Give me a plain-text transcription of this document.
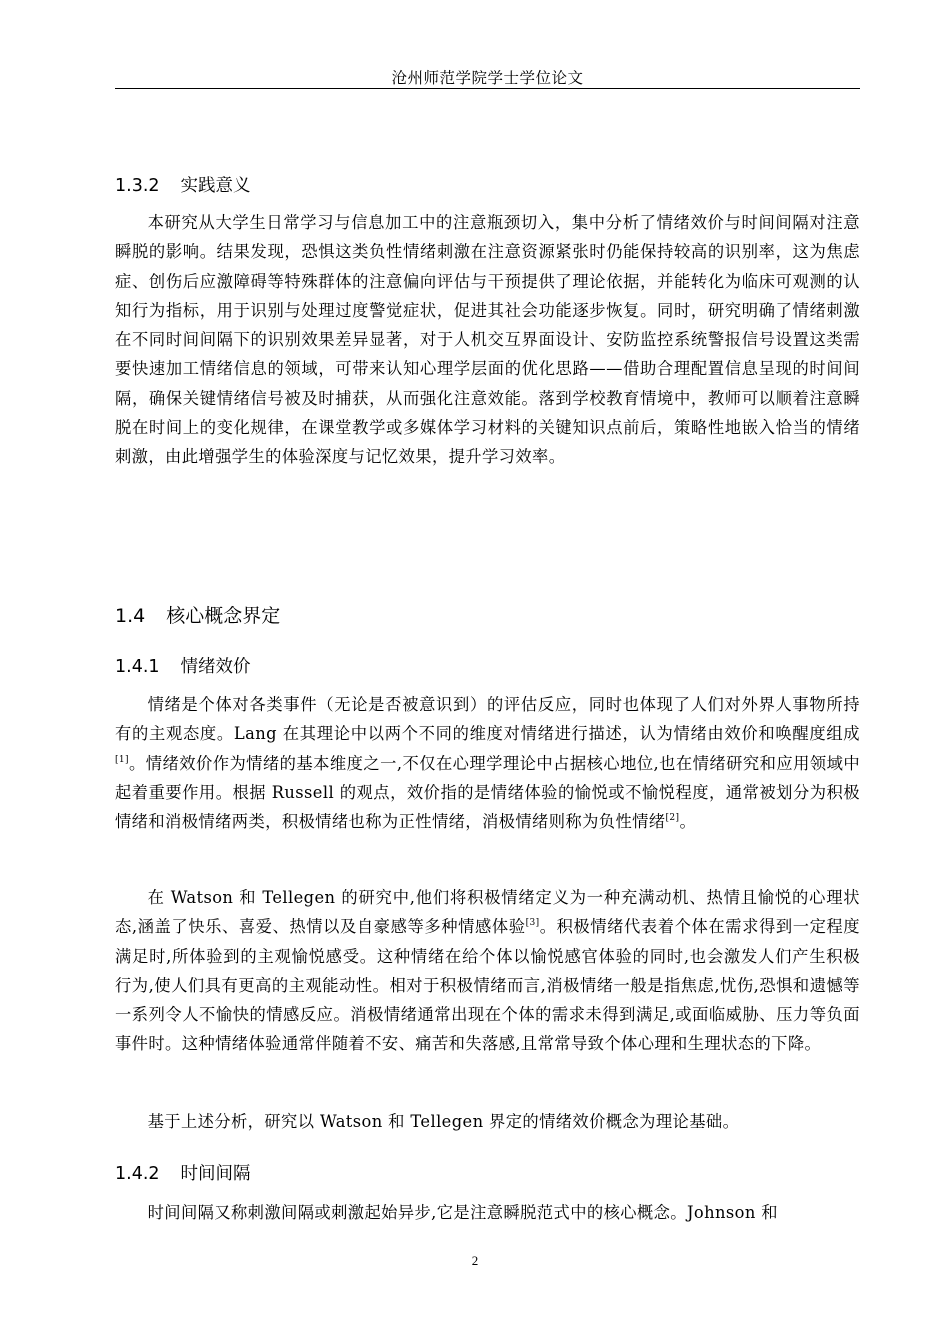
沧州师范学院学士学位论文
1.3.2 实践意义

本研究从大学生日常学习与信息加工中的注意瓶颈切入，集中分析了情绪效价与时间间隔对注意瞬脱的影响。结果发现，恐惧这类负性情绪刺激在注意资源紧张时仍能保持较高的识别率，这为焦虑症、创伤后应激障碍等特殊群体的注意偏向评估与干预提供了理论依据，并能转化为临床可观测的认知行为指标，用于识别与处理过度警觉症状，促进其社会功能逐步恢复。同时，研究明确了情绪刺激在不同时间间隔下的识别效果差异显著，对于人机交互界面设计、安防监控系统警报信号设置这类需要快速加工情绪信息的领域，可带来认知心理学层面的优化思路——借助合理配置信息呈现的时间间隔，确保关键情绪信号被及时捕获，从而强化注意效能。落到学校教育情境中，教师可以顺着注意瞬脱在时间上的变化规律，在课堂教学或多媒体学习材料的关键知识点前后，策略性地嵌入恰当的情绪刺激，由此增强学生的体验深度与记忆效果，提升学习效率。

1.4 核心概念界定
1.4.1 情绪效价

情绪是个体对各类事件（无论是否被意识到）的评估反应，同时也体现了人们对外界人事物所持有的主观态度。Lang 在其理论中以两个不同的维度对情绪进行描述，认为情绪由效价和唤醒度组成[1]。情绪效价作为情绪的基本维度之一,不仅在心理学理论中占据核心地位,也在情绪研究和应用领域中起着重要作用。根据 Russell 的观点，效价指的是情绪体验的愉悦或不愉悦程度，通常被划分为积极情绪和消极情绪两类，积极情绪也称为正性情绪，消极情绪则称为负性情绪[2]。

在 Watson 和 Tellegen 的研究中,他们将积极情绪定义为一种充满动机、热情且愉悦的心理状态,涵盖了快乐、喜爱、热情以及自豪感等多种情感体验[3]。积极情绪代表着个体在需求得到一定程度满足时,所体验到的主观愉悦感受。这种情绪在给个体以愉悦感官体验的同时,也会激发人们产生积极行为,使人们具有更高的主观能动性。相对于积极情绪而言,消极情绪一般是指焦虑,忧伤,恐惧和遗憾等一系列令人不愉快的情感反应。消极情绪通常出现在个体的需求未得到满足,或面临威胁、压力等负面事件时。这种情绪体验通常伴随着不安、痛苦和失落感,且常常导致个体心理和生理状态的下降。

基于上述分析，研究以 Watson 和 Tellegen 界定的情绪效价概念为理论基础。

1.4.2 时间间隔

时间间隔又称刺激间隔或刺激起始异步,它是注意瞬脱范式中的核心概念。Johnson 和

2
